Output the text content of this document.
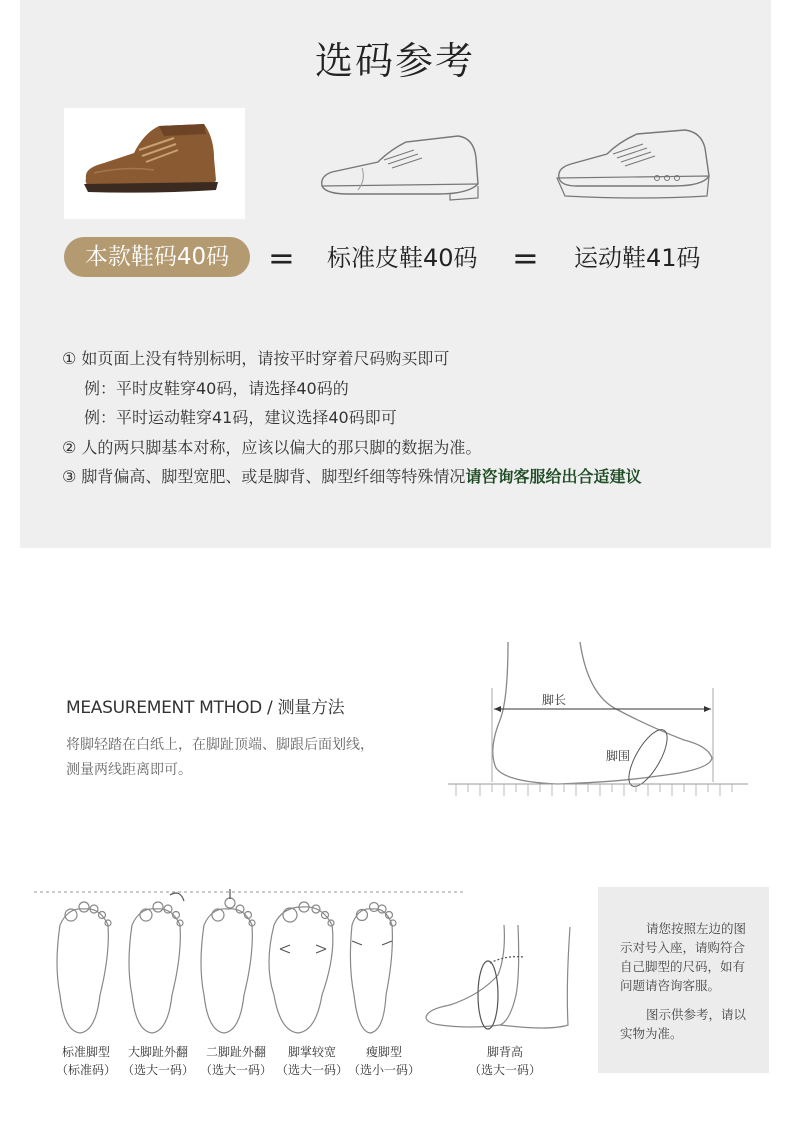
选码参考
本款鞋码40码	= 标准皮鞋40码 = 运动鞋41码
① 如页面上没有特别标明，请按平时穿着尺码购买即可
例：平时皮鞋穿40码，请选择40码的
例：平时运动鞋穿41码，建议选择40码即可
② 人的两只脚基本对称，应该以偏大的那只脚的数据为准。
③ 脚背偏高、脚型宽肥、或是脚背、脚型纤细等特殊情况请咨询客服给出合适建议
MEASUREMENT MTHOD / 测量方法
将脚轻踏在白纸上，在脚趾顶端、脚跟后面划线，测量两线距离即可。
脚长
脚围
标准脚型
（标准码）
大脚趾外翻
（选大一码）
二脚趾外翻
（选大一码）
脚掌较宽
（选大一码）
瘦脚型
（选小一码）
脚背高
（选大一码）
请您按照左边的图示对号入座，请购符合自己脚型的尺码，如有问题请咨询客服。
图示供参考，请以实物为准。
